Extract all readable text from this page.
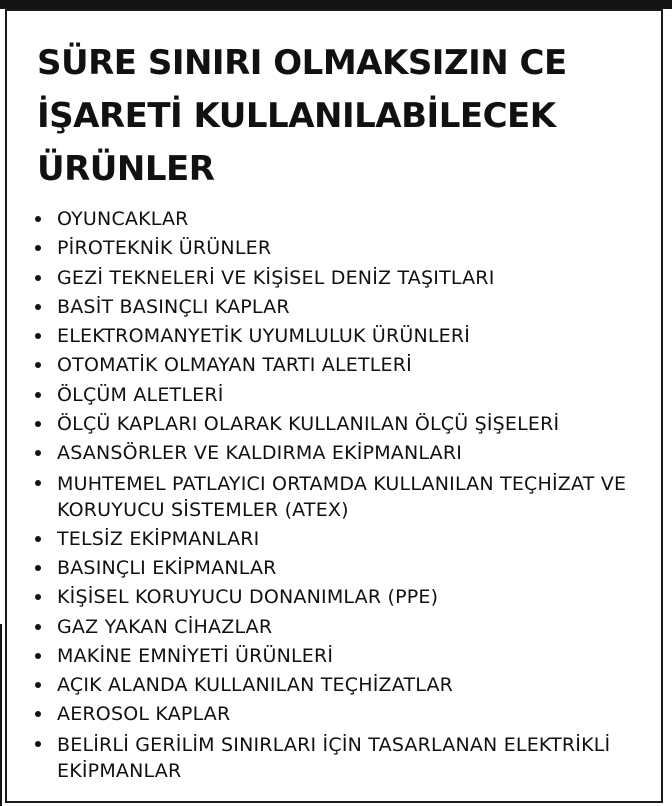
SÜRE SINIRI OLMAKSIZIN CE İŞARETİ KULLANILABİLECEK ÜRÜNLER
OYUNCAKLAR
PİROTEKNİK ÜRÜNLER
GEZİ TEKNELERİ VE KİŞİSEL DENİZ TAŞITLARI
BASİT BASINÇLI KAPLAR
ELEKTROMANYETİK UYUMLULUK ÜRÜNLERİ
OTOMATİK OLMAYAN TARTI ALETLERİ
ÖLÇÜM ALETLERİ
ÖLÇÜ KAPLARI OLARAK KULLANILAN ÖLÇÜ ŞİŞELERİ
ASANSÖRLER VE KALDIRMA EKİPMANLARI
MUHTEMEL PATLAYICI ORTAMDA KULLANILAN TEÇHİZAT VE KORUYUCU SİSTEMLER (ATEX)
TELSİZ EKİPMANLARI
BASINÇLI EKİPMANLAR
KİŞİSEL KORUYUCU DONANIMLAR (PPE)
GAZ YAKAN CİHAZLAR
MAKİNE EMNİYETİ ÜRÜNLERİ
AÇIK ALANDA KULLANILAN TEÇHİZATLAR
AEROSOL KAPLAR
BELİRLİ GERİLİM SINIRLARI İÇİN TASARLANAN ELEKTRİKLİ EKİPMANLAR
